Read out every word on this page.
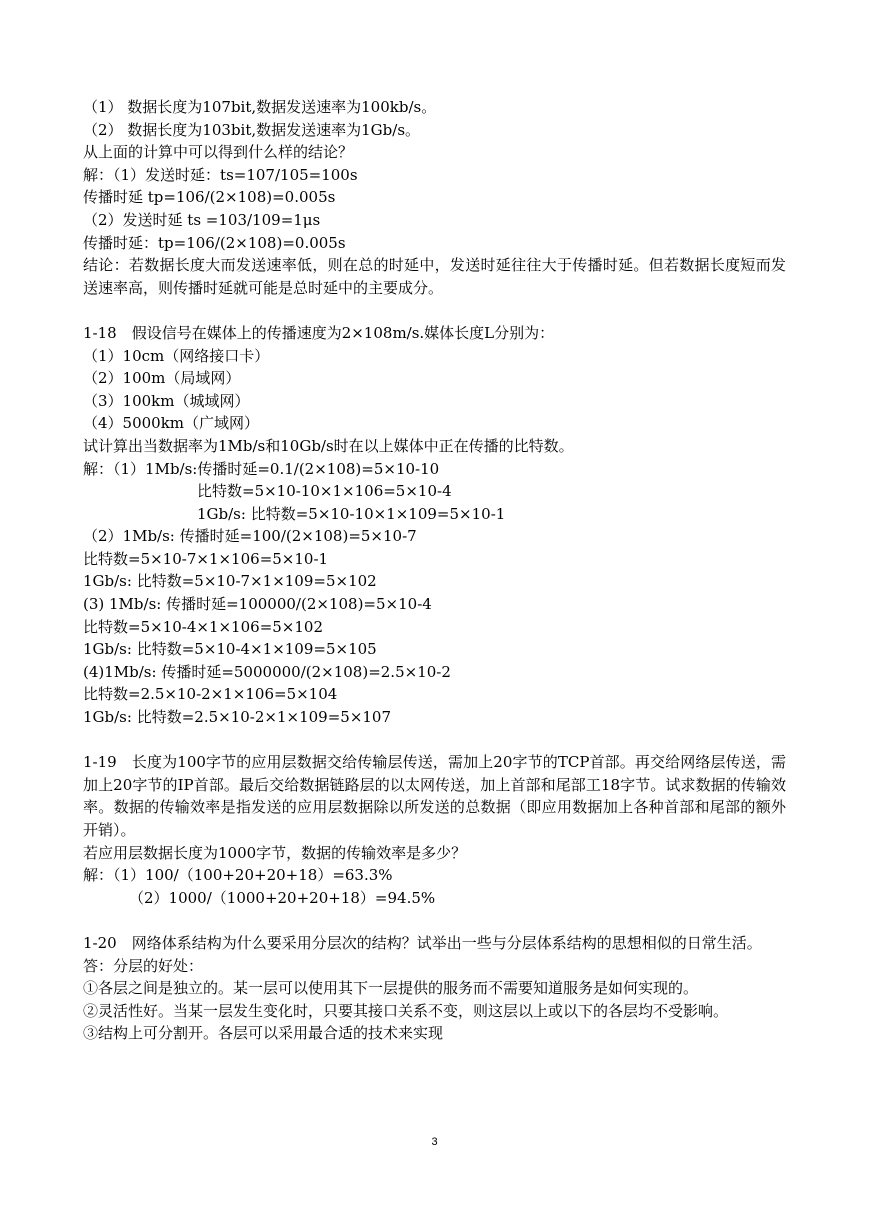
（1） 数据长度为107bit,数据发送速率为100kb/s。
（2） 数据长度为103bit,数据发送速率为1Gb/s。
从上面的计算中可以得到什么样的结论？
解：（1）发送时延：ts=107/105=100s
传播时延 tp=106/(2×108)=0.005s
（2）发送时延 ts =103/109=1μs
传播时延：tp=106/(2×108)=0.005s
结论：若数据长度大而发送速率低，则在总的时延中，发送时延往往大于传播时延。但若数据长度短而发送速率高，则传播时延就可能是总时延中的主要成分。
1-18　假设信号在媒体上的传播速度为2×108m/s.媒体长度L分别为：
（1）10cm（网络接口卡）
（2）100m（局域网）
（3）100km（城域网）
（4）5000km（广域网）
试计算出当数据率为1Mb/s和10Gb/s时在以上媒体中正在传播的比特数。
解：（1）1Mb/s:传播时延=0.1/(2×108)=5×10-10
比特数=5×10-10×1×106=5×10-4
1Gb/s: 比特数=5×10-10×1×109=5×10-1
（2）1Mb/s: 传播时延=100/(2×108)=5×10-7
比特数=5×10-7×1×106=5×10-1
1Gb/s: 比特数=5×10-7×1×109=5×102
(3) 1Mb/s: 传播时延=100000/(2×108)=5×10-4
比特数=5×10-4×1×106=5×102
1Gb/s: 比特数=5×10-4×1×109=5×105
(4)1Mb/s: 传播时延=5000000/(2×108)=2.5×10-2
比特数=2.5×10-2×1×106=5×104
1Gb/s: 比特数=2.5×10-2×1×109=5×107
1-19　长度为100字节的应用层数据交给传输层传送，需加上20字节的TCP首部。再交给网络层传送，需加上20字节的IP首部。最后交给数据链路层的以太网传送，加上首部和尾部工18字节。试求数据的传输效率。数据的传输效率是指发送的应用层数据除以所发送的总数据（即应用数据加上各种首部和尾部的额外开销）。
若应用层数据长度为1000字节，数据的传输效率是多少？
解：（1）100/（100+20+20+18）=63.3%
（2）1000/（1000+20+20+18）=94.5%
1-20　网络体系结构为什么要采用分层次的结构？试举出一些与分层体系结构的思想相似的日常生活。
答：分层的好处：
①各层之间是独立的。某一层可以使用其下一层提供的服务而不需要知道服务是如何实现的。
②灵活性好。当某一层发生变化时，只要其接口关系不变，则这层以上或以下的各层均不受影响。
③结构上可分割开。各层可以采用最合适的技术来实现
3
